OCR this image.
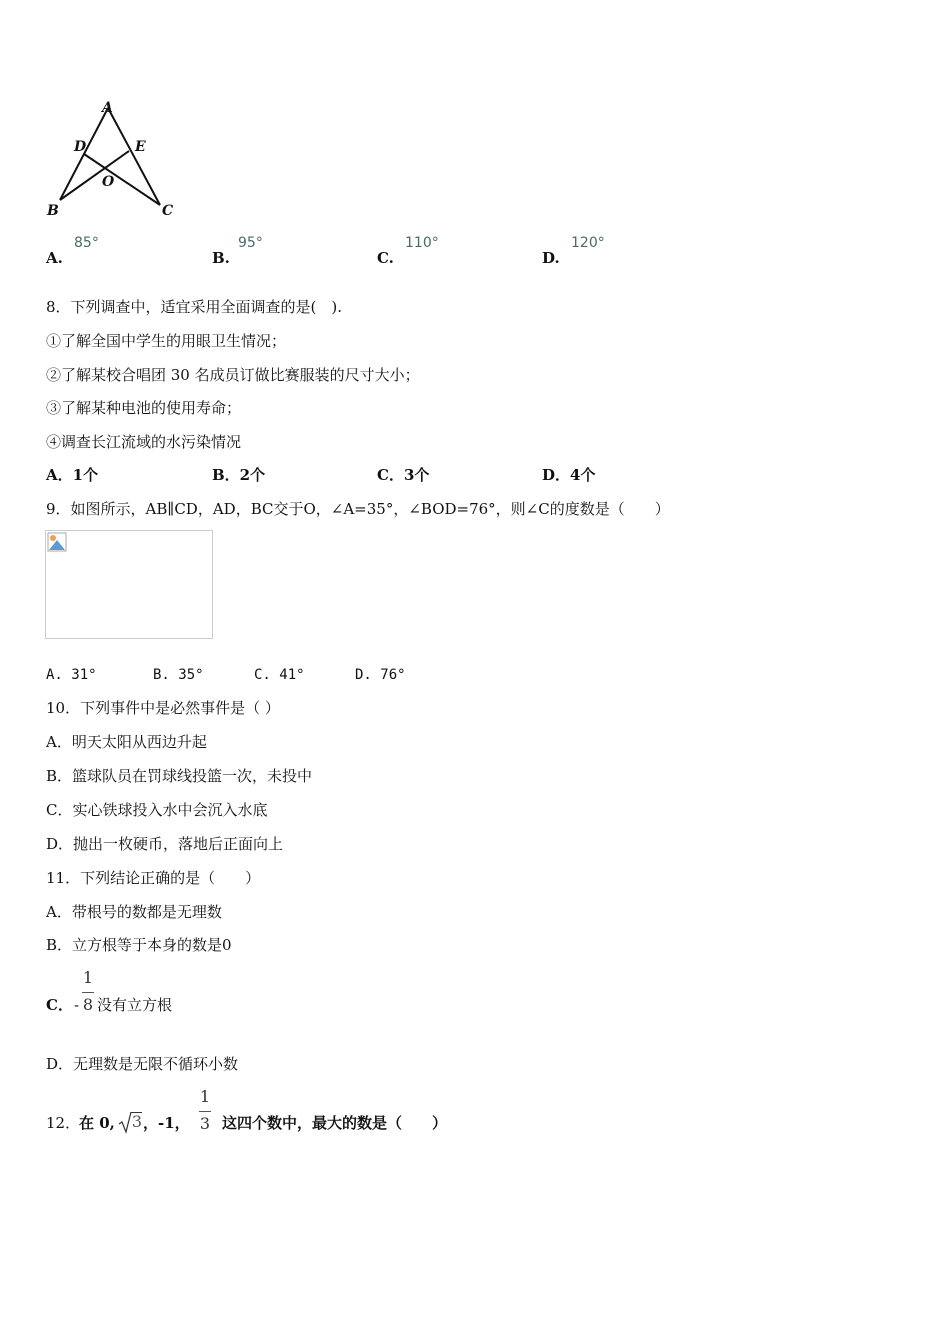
A
D	E
O
B	C
A.
85°
B.
95°
C.
110°
D.
120°
8．下列调查中，适宜采用全面调查的是(　).
①了解全国中学生的用眼卫生情况；
②了解某校合唱团 30 名成员订做比赛服装的尺寸大小；
③了解某种电池的使用寿命；
④调查长江流域的水污染情况
A．1个	B．2个	C．3个	D．4个
9．如图所示，AB∥CD，AD，BC交于O，∠A=35°，∠BOD=76°，则∠C的度数是（　　）
A. 31°	B. 35°	C. 41°	D. 76°
10．下列事件中是必然事件是（ ）
A．明天太阳从西边升起
B．篮球队员在罚球线投篮一次，未投中
C．实心铁球投入水中会沉入水底
D．抛出一枚硬币，落地后正面向上
11．下列结论正确的是（　　）
A．带根号的数都是无理数
B．立方根等于本身的数是0
C． -
1
8 没有立方根
D．无理数是无限不循环小数
12．
在 0, 3 ，-1，
1
3 这四个数中，最大的数是（　　）
